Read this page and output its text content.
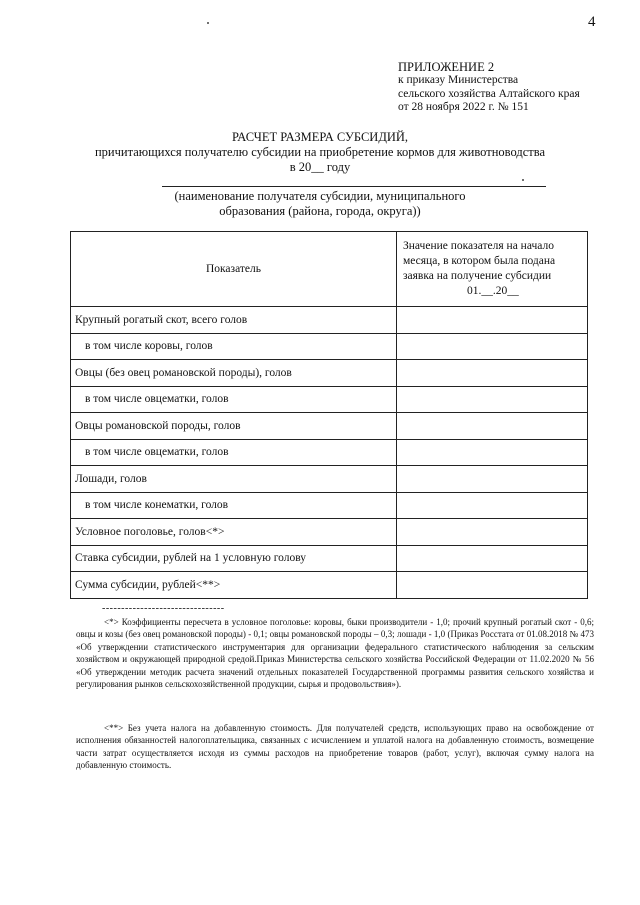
4
ПРИЛОЖЕНИЕ 2
к приказу Министерства
сельского хозяйства Алтайского края
от 28 ноября 2022 г. № 151
РАСЧЕТ РАЗМЕРА СУБСИДИЙ,
причитающихся получателю субсидии на приобретение кормов для животноводства
в 20__ году
(наименование получателя субсидии, муниципального
образования (района, города, округа))
Показатель	Значение показателя на начало
месяца, в котором была подана
заявка на получение субсидии
01.__.20__

Крупный рогатый скот, всего голов	
в том числе коровы, голов	
Овцы (без овец романовской породы), голов	
в том числе овцематки, голов	
Овцы романовской породы, голов	
в том числе овцематки, голов	
Лошади, голов	
в том числе конематки, голов	
Условное поголовье, голов<*>	
Ставка субсидии, рублей на 1 условную голову	
Сумма субсидии, рублей<**>	
--------------------------------
<*> Коэффициенты пересчета в условное поголовье: коровы, быки производители - 1,0; прочий крупный рогатый скот - 0,6; овцы и козы (без овец романовской породы) - 0,1; овцы романовской породы – 0,3; лошади - 1,0 (Приказ Росстата от 01.08.2018 № 473 «Об утверждении статистического инструментария для организации федерального статистического наблюдения за сельским хозяйством и окружающей природной средой.Приказ Министерства сельского хозяйства Российской Федерации от 11.02.2020 № 56 «Об утверждении методик расчета значений отдельных показателей Государственной программы развития сельского хозяйства и регулирования рынков сельскохозяйственной продукции, сырья и продовольствия»).
<**> Без учета налога на добавленную стоимость. Для получателей средств, использующих право на освобождение от исполнения обязанностей налогоплательщика, связанных с исчислением и уплатой налога на добавленную стоимость, возмещение части затрат осуществляется исходя из суммы расходов на приобретение товаров (работ, услуг), включая сумму налога на добавленную стоимость.
